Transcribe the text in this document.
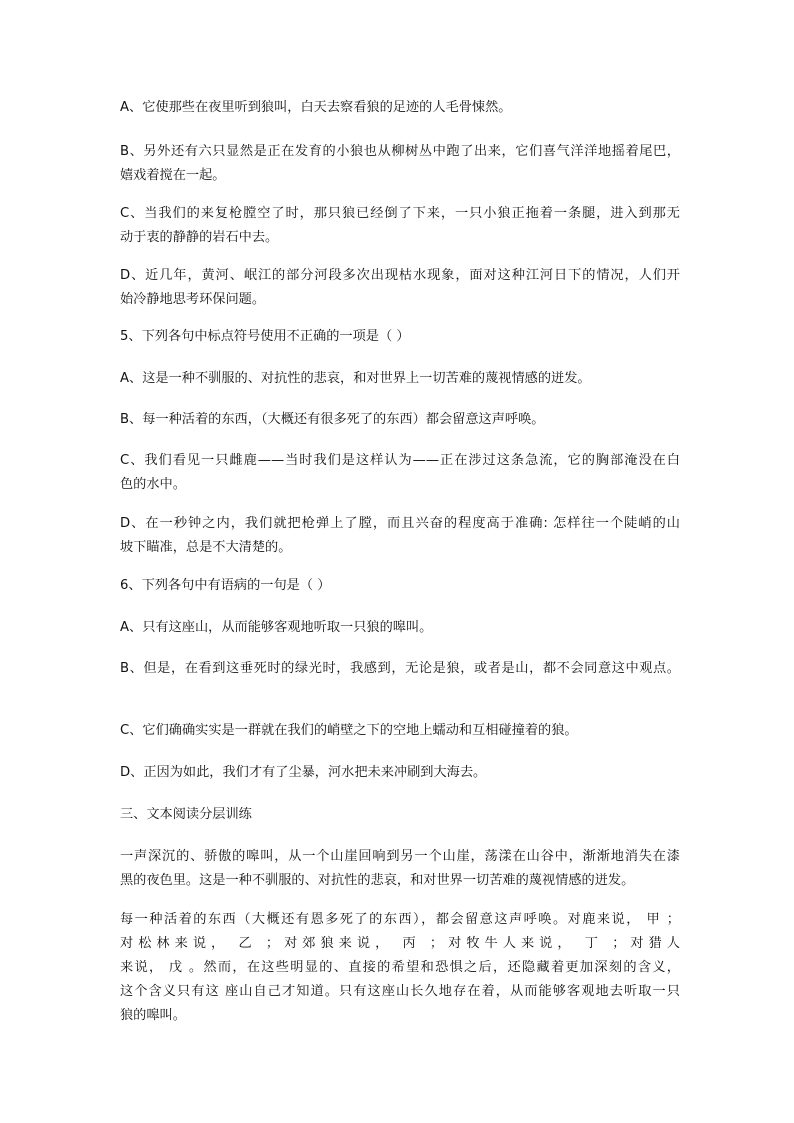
A、它使那些在夜里听到狼叫，白天去察看狼的足迹的人毛骨悚然。

B、另外还有六只显然是正在发育的小狼也从柳树丛中跑了出来，它们喜气洋洋地摇着尾巴，
嬉戏着搅在一起。

C、当我们的来复枪膛空了时，那只狼已经倒了下来，一只小狼正拖着一条腿，进入到那无
动于衷的静静的岩石中去。

D、近几年，黄河、岷江的部分河段多次出现枯水现象，面对这种江河日下的情况，人们开
始冷静地思考环保问题。

5、下列各句中标点符号使用不正确的一项是（ ）

A、这是一种不驯服的、对抗性的悲哀，和对世界上一切苦难的蔑视情感的迸发。

B、每一种活着的东西，（大概还有很多死了的东西）都会留意这声呼唤。

C、我们看见一只雌鹿——当时我们是这样认为——正在涉过这条急流，它的胸部淹没在白
色的水中。

D、在一秒钟之内，我们就把枪弹上了膛，而且兴奋的程度高于准确: 怎样往一个陡峭的山
坡下瞄准，总是不大清楚的。

6、下列各句中有语病的一句是（ ）

A、只有这座山，从而能够客观地听取一只狼的嗥叫。

B、但是，在看到这垂死时的绿光时，我感到，无论是狼，或者是山，都不会同意这中观点。

C、它们确确实实是一群就在我们的峭壁之下的空地上蠕动和互相碰撞着的狼。

D、正因为如此，我们才有了尘暴，河水把未来冲刷到大海去。

三、文本阅读分层训练

一声深沉的、骄傲的嗥叫，从一个山崖回响到另一个山崖，荡漾在山谷中，渐渐地消失在漆
黑的夜色里。这是一种不驯服的、对抗性的悲哀，和对世界一切苦难的蔑视情感的迸发。

每一种活着的东西（大概还有恩多死了的东西），都会留意这声呼唤。对鹿来说， 甲 ；
对松林来说， 乙 ；对郊狼来说， 丙 ；对牧牛人来说， 丁 ；对猎人
来说， 戊 。然而，在这些明显的、直接的希望和恐惧之后，还隐藏着更加深刻的含义，
这个含义只有这 座山自己才知道。只有这座山长久地存在着，从而能够客观地去听取一只
狼的嗥叫。
